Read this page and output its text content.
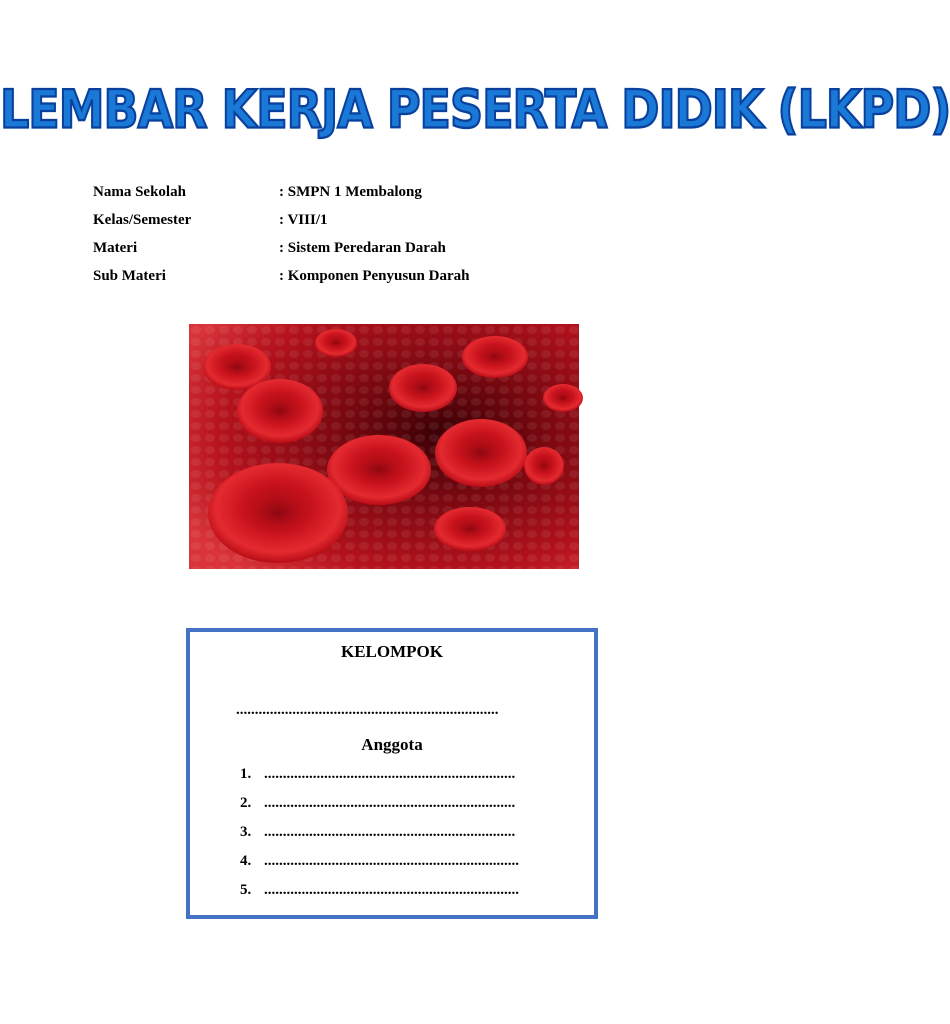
LEMBAR KERJA PESERTA DIDIK (LKPD)
Nama Sekolah	: SMPN 1 Membalong
Kelas/Semester	: VIII/1
Materi	: Sistem Peredaran Darah
Sub Materi	: Komponen Penyusun Darah
KELOMPOK
......................................................................
Anggota
1. ...................................................................
2. ...................................................................
3. ...................................................................
4. ....................................................................
5. ....................................................................
